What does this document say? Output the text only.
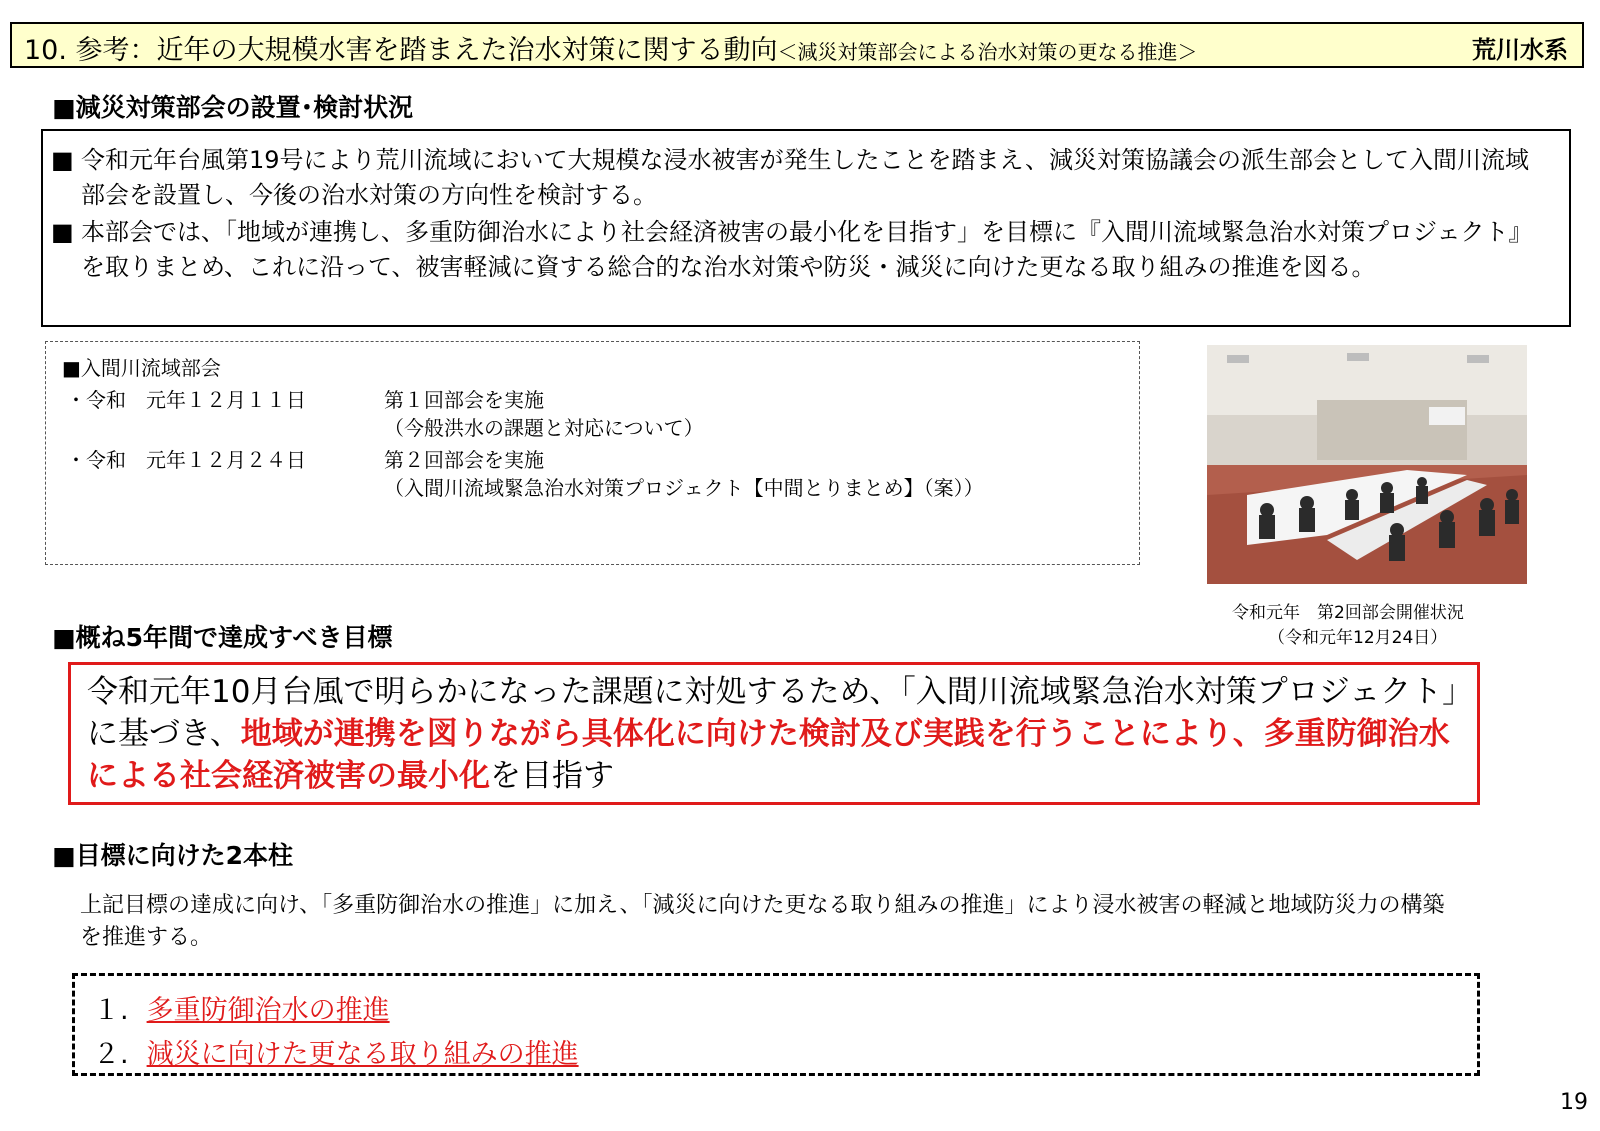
10. 参考：近年の大規模水害を踏まえた治水対策に関する動向＜減災対策部会による治水対策の更なる推進＞	荒川水系
■減災対策部会の設置･検討状況
■ 令和元年台風第19号により荒川流域において大規模な浸水被害が発生したことを踏まえ、減災対策協議会の派生部会として入間川流域部会を設置し、今後の治水対策の方向性を検討する。
■ 本部会では、「地域が連携し、多重防御治水により社会経済被害の最小化を目指す」を目標に『入間川流域緊急治水対策プロジェクト』を取りまとめ、これに沿って、被害軽減に資する総合的な治水対策や防災・減災に向けた更なる取り組みの推進を図る。
■入間川流域部会
・令和　元年１２月１１日	第１回部会を実施
（今般洪水の課題と対応について）
・令和　元年１２月２４日	第２回部会を実施
（入間川流域緊急治水対策プロジェクト【中間とりまとめ】（案））
令和元年　第2回部会開催状況
（令和元年12月24日）
■概ね5年間で達成すべき目標
令和元年10月台風で明らかになった課題に対処するため、「入間川流域緊急治水対策プロジェクト」に基づき、地域が連携を図りながら具体化に向けた検討及び実践を行うことにより、多重防御治水による社会経済被害の最小化を目指す
■目標に向けた2本柱
上記目標の達成に向け、「多重防御治水の推進」に加え、「減災に向けた更なる取り組みの推進」により浸水被害の軽減と地域防災力の構築を推進する。
１. 多重防御治水の推進
２. 減災に向けた更なる取り組みの推進
19
